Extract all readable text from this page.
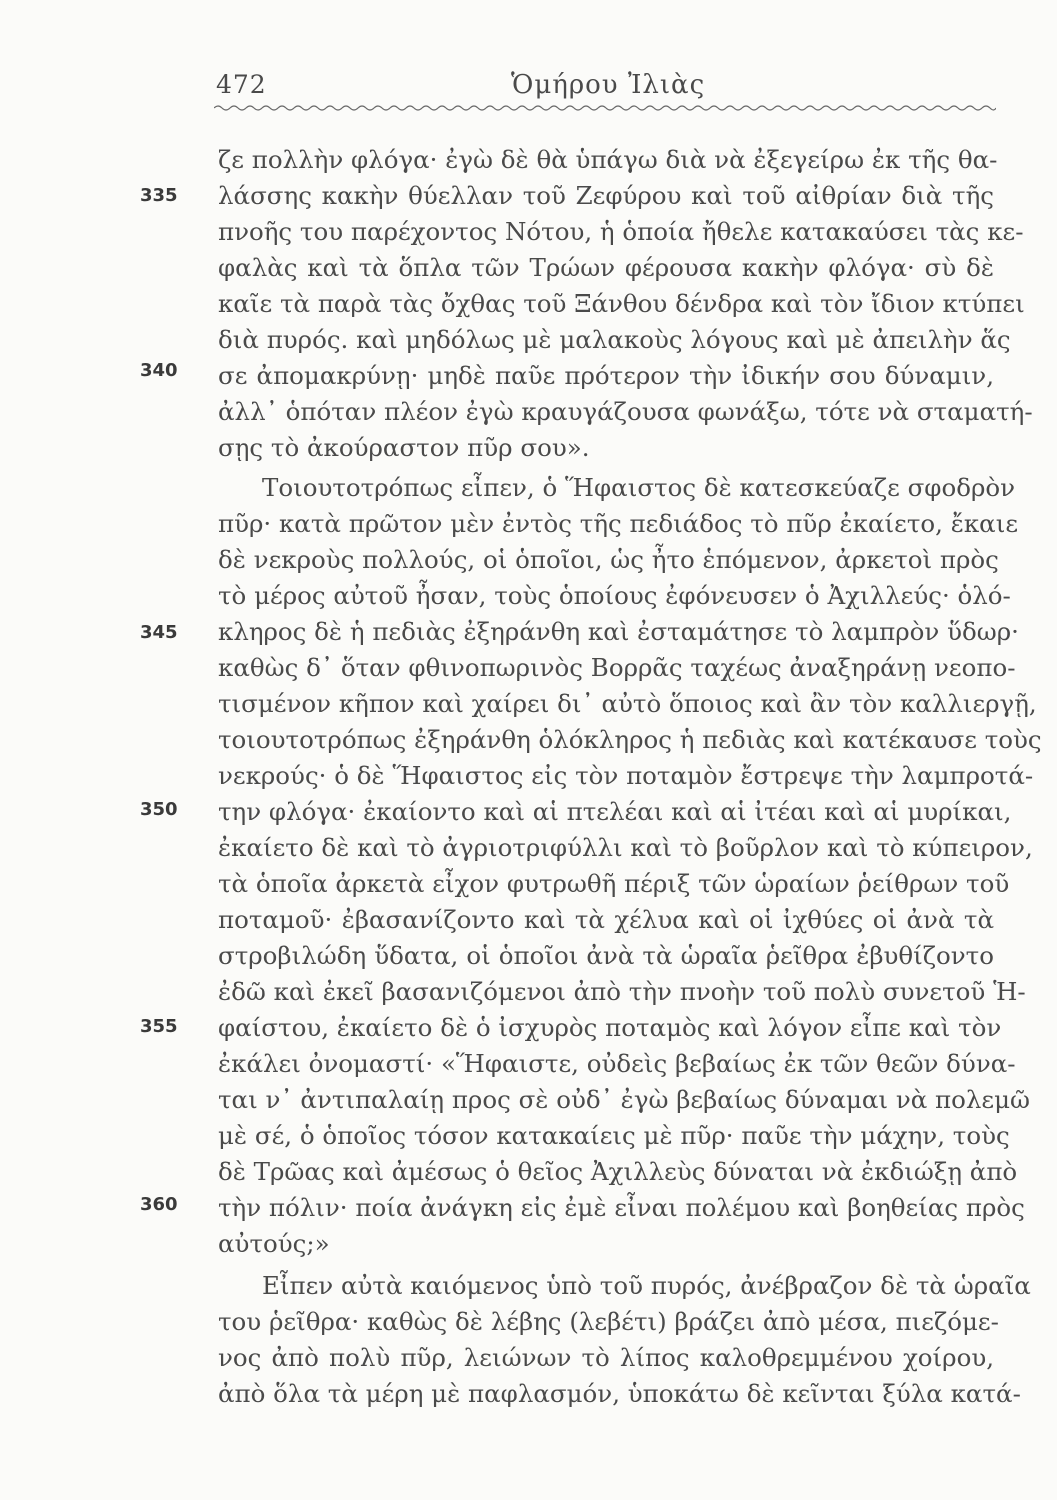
472	Ὁμήρου Ἰλιὰς
335
340
345
350
355
360
ζε πολλὴν φλόγα· ἐγὼ δὲ θὰ ὑπάγω διὰ νὰ ἐξεγείρω ἐκ τῆς θα-
λάσσης κακὴν θύελλαν τοῦ Ζεφύρου καὶ τοῦ αἰθρίαν διὰ τῆς
πνοῆς του παρέχοντος Νότου, ἡ ὁποία ἤθελε κατακαύσει τὰς κε-
φαλὰς καὶ τὰ ὅπλα τῶν Τρώων φέρουσα κακὴν φλόγα· σὺ δὲ
καῖε τὰ παρὰ τὰς ὄχθας τοῦ Ξάνθου δένδρα καὶ τὸν ἴδιον κτύπει
διὰ πυρός. καὶ μηδόλως μὲ μαλακοὺς λόγους καὶ μὲ ἀπειλὴν ἅς
σε ἀπομακρύνῃ· μηδὲ παῦε πρότερον τὴν ἰδικήν σου δύναμιν,
ἀλλ᾽ ὁπόταν πλέον ἐγὼ κραυγάζουσα φωνάξω, τότε νὰ σταματή-
σῃς τὸ ἀκούραστον πῦρ σου».
Τοιουτοτρόπως εἶπεν, ὁ Ἥφαιστος δὲ κατεσκεύαζε σφοδρὸν
πῦρ· κατὰ πρῶτον μὲν ἐντὸς τῆς πεδιάδος τὸ πῦρ ἐκαίετο, ἔκαιε
δὲ νεκροὺς πολλούς, οἱ ὁποῖοι, ὡς ἦτο ἑπόμενον, ἀρκετοὶ πρὸς
τὸ μέρος αὐτοῦ ἦσαν, τοὺς ὁποίους ἐφόνευσεν ὁ Ἀχιλλεύς· ὁλό-
κληρος δὲ ἡ πεδιὰς ἐξηράνθη καὶ ἐσταμάτησε τὸ λαμπρὸν ὕδωρ·
καθὼς δ᾽ ὅταν φθινοπωρινὸς Βορρᾶς ταχέως ἀναξηράνῃ νεοπο-
τισμένον κῆπον καὶ χαίρει δι᾽ αὐτὸ ὅποιος καὶ ἂν τὸν καλλιεργῇ,
τοιουτοτρόπως ἐξηράνθη ὁλόκληρος ἡ πεδιὰς καὶ κατέκαυσε τοὺς
νεκρούς· ὁ δὲ Ἥφαιστος εἰς τὸν ποταμὸν ἔστρεψε τὴν λαμπροτά-
την φλόγα· ἐκαίοντο καὶ αἱ πτελέαι καὶ αἱ ἰτέαι καὶ αἱ μυρίκαι,
ἐκαίετο δὲ καὶ τὸ ἀγριοτριφύλλι καὶ τὸ βοῦρλον καὶ τὸ κύπειρον,
τὰ ὁποῖα ἀρκετὰ εἶχον φυτρωθῆ πέριξ τῶν ὡραίων ῥείθρων τοῦ
ποταμοῦ· ἐβασανίζοντο καὶ τὰ χέλυα καὶ οἱ ἰχθύες οἱ ἀνὰ τὰ
στροβιλώδη ὕδατα, οἱ ὁποῖοι ἀνὰ τὰ ὡραῖα ῥεῖθρα ἐβυθίζοντο
ἐδῶ καὶ ἐκεῖ βασανιζόμενοι ἀπὸ τὴν πνοὴν τοῦ πολὺ συνετοῦ Ἡ-
φαίστου, ἐκαίετο δὲ ὁ ἰσχυρὸς ποταμὸς καὶ λόγον εἶπε καὶ τὸν
ἐκάλει ὀνομαστί· «Ἥφαιστε, οὐδεὶς βεβαίως ἐκ τῶν θεῶν δύνα-
ται ν᾽ ἀντιπαλαίῃ προς σὲ οὐδ᾽ ἐγὼ βεβαίως δύναμαι νὰ πολεμῶ
μὲ σέ, ὁ ὁποῖος τόσον κατακαίεις μὲ πῦρ· παῦε τὴν μάχην, τοὺς
δὲ Τρῶας καὶ ἀμέσως ὁ θεῖος Ἀχιλλεὺς δύναται νὰ ἐκδιώξῃ ἀπὸ
τὴν πόλιν· ποία ἀνάγκη εἰς ἐμὲ εἶναι πολέμου καὶ βοηθείας πρὸς
αὐτούς;»
Εἶπεν αὐτὰ καιόμενος ὑπὸ τοῦ πυρός, ἀνέβραζον δὲ τὰ ὡραῖα
του ῥεῖθρα· καθὼς δὲ λέβης (λεβέτι) βράζει ἀπὸ μέσα, πιεζόμε-
νος ἀπὸ πολὺ πῦρ, λειώνων τὸ λίπος καλοθρεμμένου χοίρου,
ἀπὸ ὅλα τὰ μέρη μὲ παφλασμόν, ὑποκάτω δὲ κεῖνται ξύλα κατά-
